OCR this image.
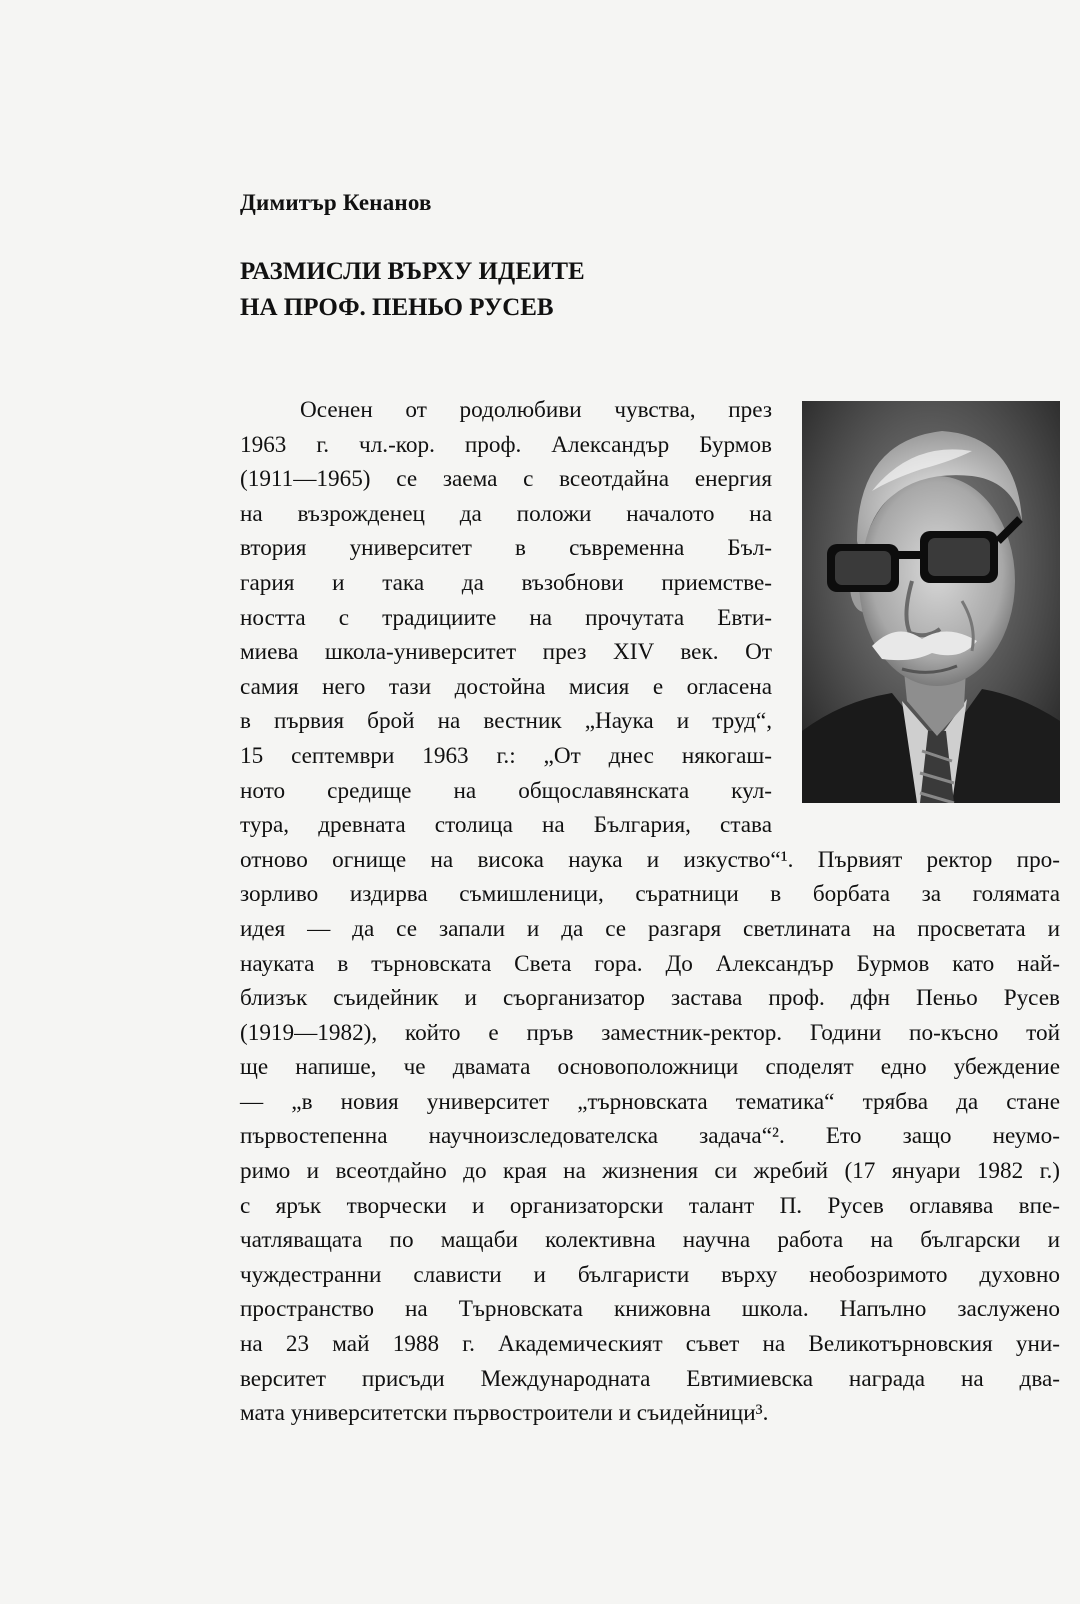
Димитър Кенанов
РАЗМИСЛИ ВЪРХУ ИДЕИТЕ
НА ПРОФ. ПЕНЬО РУСЕВ
Осенен от родолюбиви чувства, през
1963 г. чл.-кор. проф. Александър Бурмов
(1911—1965) се заема с всеотдайна енергия
на възрожденец да положи началото на
втория университет в съвременна Бъл-
гария и така да възобнови приемстве-
ността с традициите на прочутата Евти-
миева школа-университет през XIV век. От
самия него тази достойна мисия е огласена
в първия брой на вестник „Наука и труд“,
15 септември 1963 г.: „От днес някогаш-
ното средище на общославянската кул-
тура, древната столица на България, става
отново огнище на висока наука и изкуство“¹. Първият ректор про-
зорливо издирва съмишленици, съратници в борбата за голямата
идея — да се запали и да се разгаря светлината на просветата и
науката в търновската Света гора. До Александър Бурмов като най-
близък съидейник и съорганизатор застава проф. дфн Пеньо Русев
(1919—1982), който е пръв заместник-ректор. Години по-късно той
ще напише, че двамата основоположници споделят едно убеждение
— „в новия университет „търновската тематика“ трябва да стане
първостепенна научноизследователска задача“². Ето защо неумо-
римо и всеотдайно до края на жизнения си жребий (17 януари 1982 г.)
с ярък творчески и организаторски талант П. Русев оглавява впе-
чатляващата по мащаби колективна научна работа на български и
чуждестранни слависти и българисти върху необозримото духовно
пространство на Търновската книжовна школа. Напълно заслужено
на 23 май 1988 г. Академическият съвет на Великотърновския уни-
верситет присъди Международната Евтимиевска награда на два-
мата университетски първостроители и съидейници³.
